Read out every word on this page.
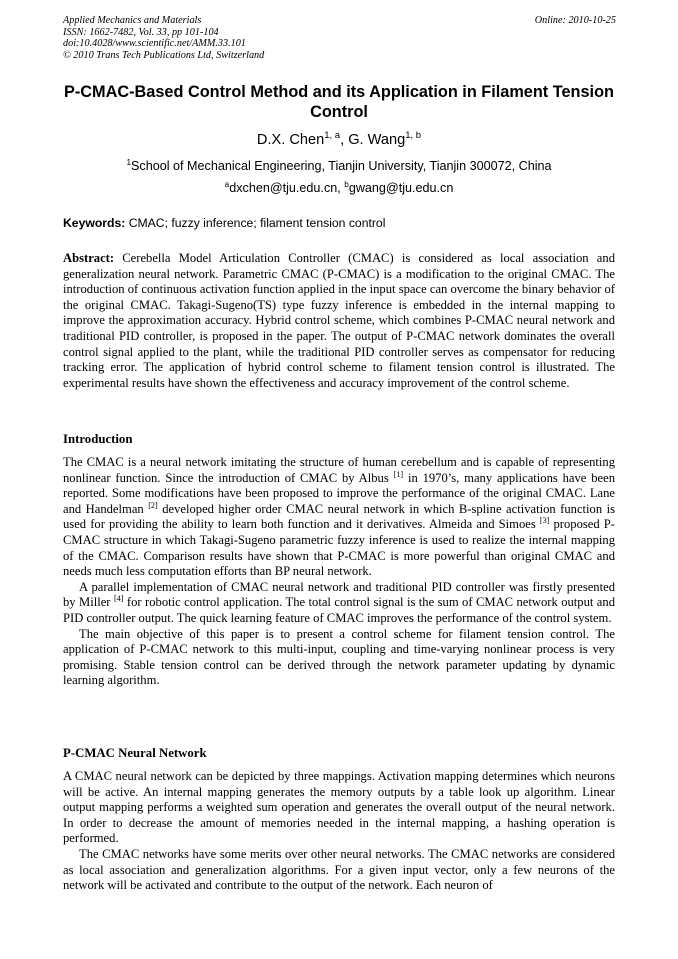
Applied Mechanics and Materials
ISSN: 1662-7482, Vol. 33, pp 101-104
doi:10.4028/www.scientific.net/AMM.33.101
© 2010 Trans Tech Publications Ltd, Switzerland
Online: 2010-10-25
P-CMAC-Based Control Method and its Application in Filament Tension Control
D.X. Chen$^{1, a}$, G. Wang$^{1, b}$
$^1$School of Mechanical Engineering, Tianjin University, Tianjin 300072, China
$^a$dxchen@tju.edu.cn, $^b$gwang@tju.edu.cn
Keywords: CMAC; fuzzy inference; filament tension control
Abstract: Cerebella Model Articulation Controller (CMAC) is considered as local association and generalization neural network. Parametric CMAC (P-CMAC) is a modification to the original CMAC. The introduction of continuous activation function applied in the input space can overcome the binary behavior of the original CMAC. Takagi-Sugeno(TS) type fuzzy inference is embedded in the internal mapping to improve the approximation accuracy. Hybrid control scheme, which combines P-CMAC neural network and traditional PID controller, is proposed in the paper. The output of P-CMAC network dominates the overall control signal applied to the plant, while the traditional PID controller serves as compensator for reducing tracking error. The application of hybrid control scheme to filament tension control is illustrated. The experimental results have shown the effectiveness and accuracy improvement of the control scheme.
Introduction

The CMAC is a neural network imitating the structure of human cerebellum and is capable of representing nonlinear function. Since the introduction of CMAC by Albus [1] in 1970’s, many applications have been reported. Some modifications have been proposed to improve the performance of the original CMAC. Lane and Handelman [2] developed higher order CMAC neural network in which B-spline activation function is used for providing the ability to learn both function and it derivatives. Almeida and Simoes [3] proposed P-CMAC structure in which Takagi-Sugeno parametric fuzzy inference is used to realize the internal mapping of the CMAC. Comparison results have shown that P-CMAC is more powerful than original CMAC and needs much less computation efforts than BP neural network.

A parallel implementation of CMAC neural network and traditional PID controller was firstly presented by Miller [4] for robotic control application. The total control signal is the sum of CMAC network output and PID controller output. The quick learning feature of CMAC improves the performance of the control system.

The main objective of this paper is to present a control scheme for filament tension control. The application of P-CMAC network to this multi-input, coupling and time-varying nonlinear process is very promising. Stable tension control can be derived through the network parameter updating by dynamic learning algorithm.

P-CMAC Neural Network

A CMAC neural network can be depicted by three mappings. Activation mapping determines which neurons will be active. An internal mapping generates the memory outputs by a table look up algorithm. Linear output mapping performs a weighted sum operation and generates the overall output of the neural network. In order to decrease the amount of memories needed in the internal mapping, a hashing operation is performed.

The CMAC networks have some merits over other neural networks. The CMAC networks are considered as local association and generalization algorithms. For a given input vector, only a few neurons of the network will be activated and contribute to the output of the network. Each neuron of
